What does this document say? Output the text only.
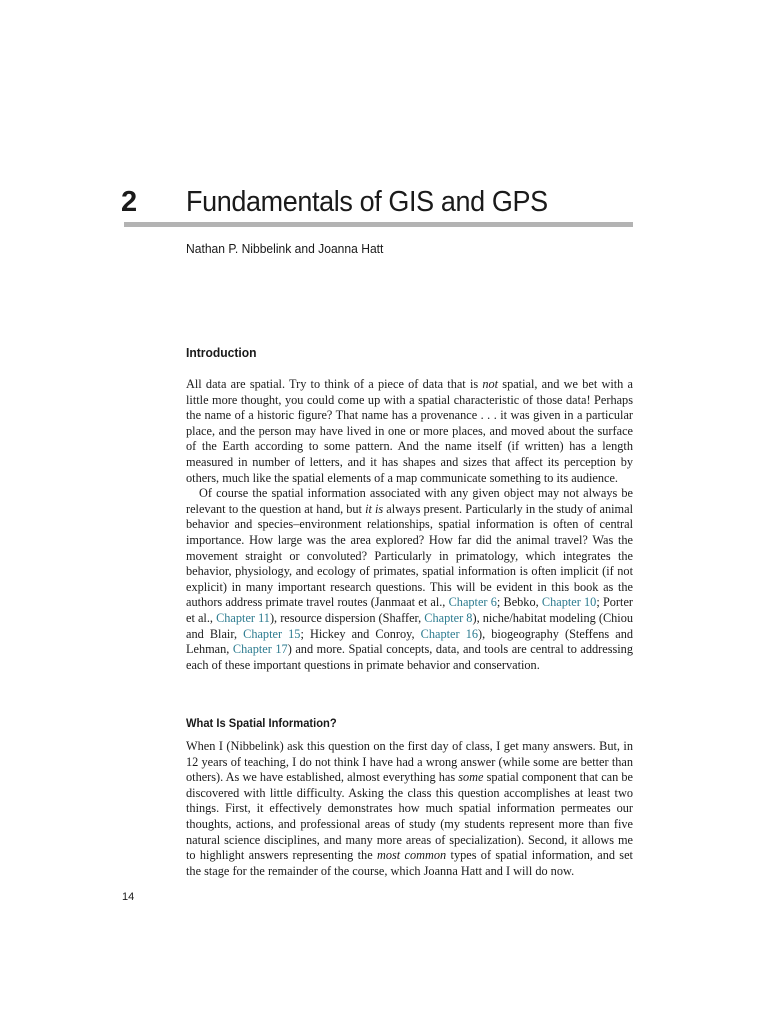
2 Fundamentals of GIS and GPS

Nathan P. Nibbelink and Joanna Hatt

Introduction

All data are spatial. Try to think of a piece of data that is not spatial, and we bet with a little more thought, you could come up with a spatial characteristic of those data! Perhaps the name of a historic figure? That name has a provenance . . . it was given in a particular place, and the person may have lived in one or more places, and moved about the surface of the Earth according to some pattern. And the name itself (if written) has a length measured in number of letters, and it has shapes and sizes that affect its perception by others, much like the spatial elements of a map communicate something to its audience.

Of course the spatial information associated with any given object may not always be relevant to the question at hand, but it is always present. Particularly in the study of animal behavior and species–environment relationships, spatial information is often of central importance. How large was the area explored? How far did the animal travel? Was the movement straight or convoluted? Particularly in primatology, which integrates the behavior, physiology, and ecology of primates, spatial information is often implicit (if not explicit) in many important research questions. This will be evident in this book as the authors address primate travel routes (Janmaat et al., Chapter 6; Bebko, Chapter 10; Porter et al., Chapter 11), resource dispersion (Shaffer, Chapter 8), niche/habitat modeling (Chiou and Blair, Chapter 15; Hickey and Conroy, Chapter 16), biogeography (Steffens and Lehman, Chapter 17) and more. Spatial concepts, data, and tools are central to addressing each of these important questions in primate behavior and conservation.

What Is Spatial Information?

When I (Nibbelink) ask this question on the first day of class, I get many answers. But, in 12 years of teaching, I do not think I have had a wrong answer (while some are better than others). As we have established, almost everything has some spatial component that can be discovered with little difficulty. Asking the class this question accomplishes at least two things. First, it effectively demonstrates how much spatial information permeates our thoughts, actions, and professional areas of study (my students represent more than five natural science disciplines, and many more areas of specialization). Second, it allows me to highlight answers representing the most common types of spatial information, and set the stage for the remainder of the course, which Joanna Hatt and I will do now.

14
